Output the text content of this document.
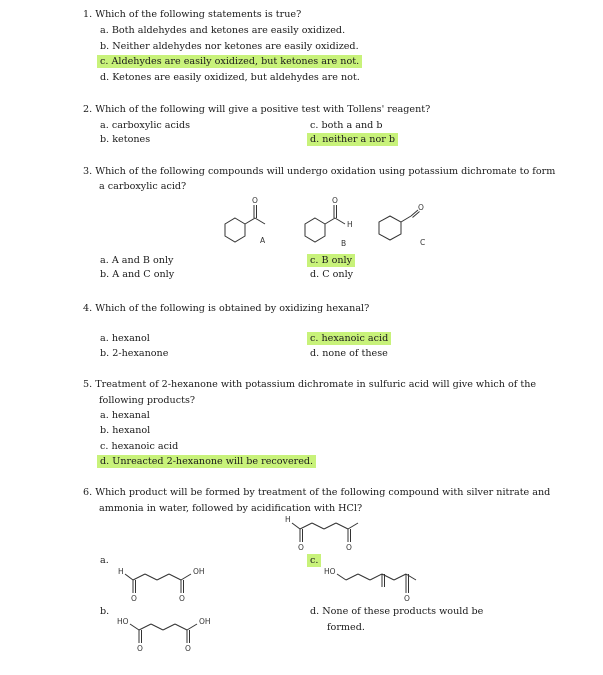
1. Which of the following statements is true?
a. Both aldehydes and ketones are easily oxidized.
b. Neither aldehydes nor ketones are easily oxidized.
c. Aldehydes are easily oxidized, but ketones are not.
d. Ketones are easily oxidized, but aldehydes are not.
2. Which of the following will give a positive test with Tollens' reagent?
a. carboxylic acids
b. ketones
c. both a and b
d. neither a nor b
3. Which of the following compounds will undergo oxidation using potassium dichromate to form
a carboxylic acid?
O
A
O
H
B
O
C
a. A and B only
b. A and C only
c. B only
d. C only
4. Which of the following is obtained by oxidizing hexanal?
a. hexanol
b. 2-hexanone
c. hexanoic acid
d. none of these
5. Treatment of 2-hexanone with potassium dichromate in sulfuric acid will give which of the
following products?
a. hexanal
b. hexanol
c. hexanoic acid
d. Unreacted 2-hexanone will be recovered.
6. Which product will be formed by treatment of the following compound with silver nitrate and
ammonia in water, followed by acidification with HCl?
H
O	O
a.	c.
H
O	O
OH	HO
O
b.
HO
O	O
OH
d. None of these products would be
formed.
